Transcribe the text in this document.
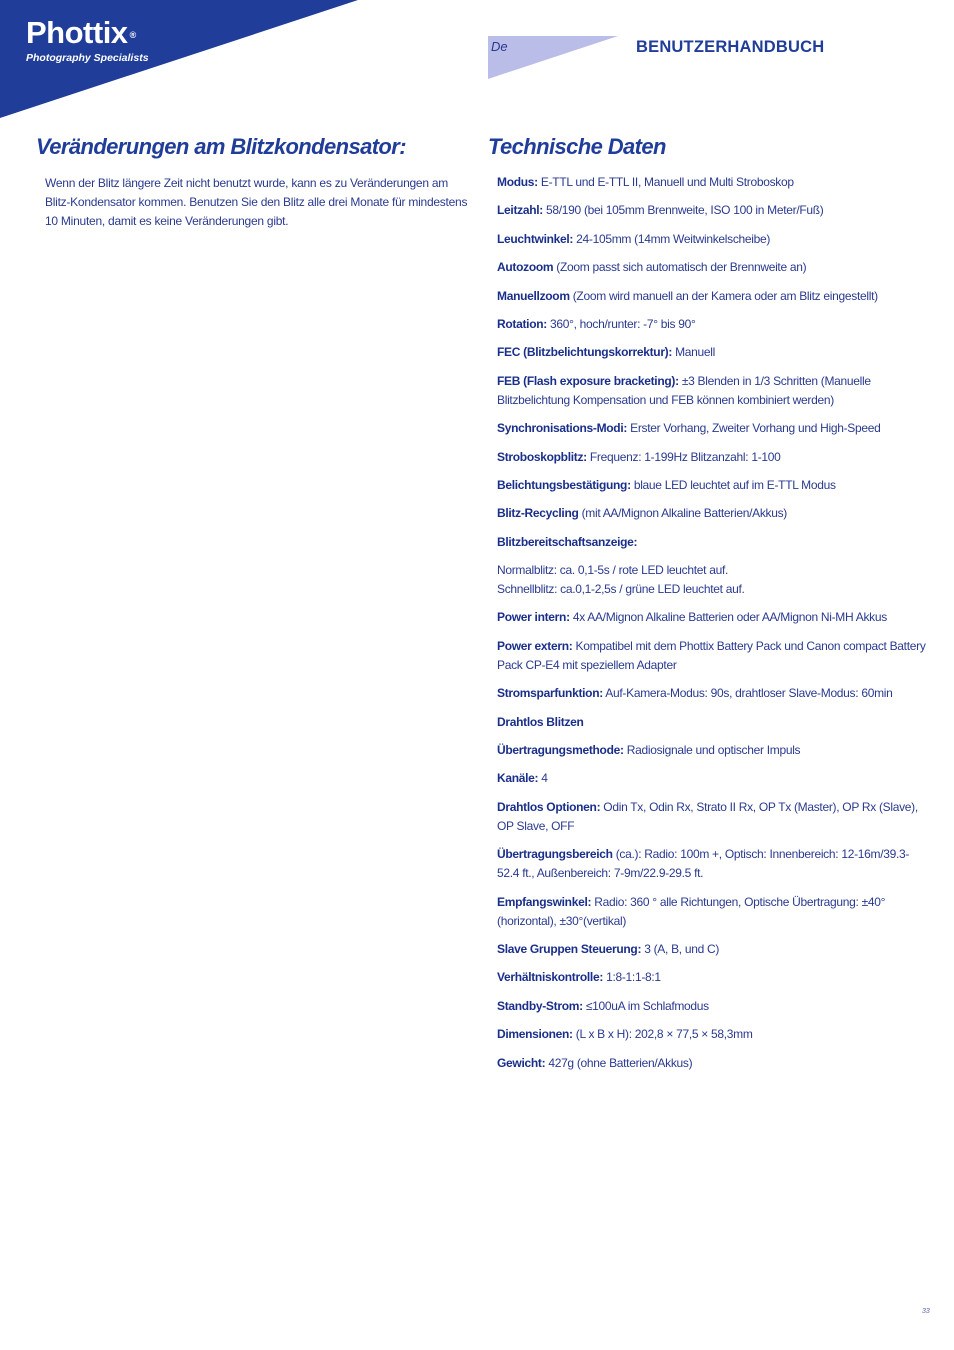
Phottix ®
Photography Specialists
De	BENUTZERHANDBUCH
Veränderungen am Blitzkondensator:
Wenn der Blitz längere Zeit nicht benutzt wurde, kann es zu Veränderungen am Blitz-Kondensator kommen. Benutzen Sie den Blitz alle drei Monate für mindestens 10 Minuten, damit es keine Veränderungen gibt.
Technische Daten

Modus: E-TTL und E-TTL II, Manuell und Multi Stroboskop

Leitzahl: 58/190 (bei 105mm Brennweite, ISO 100 in Meter/Fuß)

Leuchtwinkel: 24-105mm (14mm Weitwinkelscheibe)

Autozoom (Zoom passt sich automatisch der Brennweite an)

Manuellzoom (Zoom wird manuell an der Kamera oder am Blitz eingestellt)

Rotation: 360°, hoch/runter: -7° bis 90°

FEC (Blitzbelichtungskorrektur): Manuell

FEB (Flash exposure bracketing): ±3 Blenden in 1/3 Schritten (Manuelle Blitzbelichtung Kompensation und FEB können kombiniert werden)

Synchronisations-Modi: Erster Vorhang, Zweiter Vorhang und High-Speed

Stroboskopblitz: Frequenz: 1-199Hz Blitzanzahl: 1-100

Belichtungsbestätigung: blaue LED leuchtet auf im E-TTL Modus

Blitz-Recycling (mit AA/Mignon Alkaline Batterien/Akkus)

Blitzbereitschaftsanzeige:

Normalblitz: ca. 0,1-5s / rote LED leuchtet auf.
Schnellblitz: ca.0,1-2,5s / grüne LED leuchtet auf.

Power intern: 4x AA/Mignon Alkaline Batterien oder AA/Mignon Ni-MH Akkus

Power extern: Kompatibel mit dem Phottix Battery Pack und Canon compact Battery Pack CP-E4 mit speziellem Adapter

Stromsparfunktion: Auf-Kamera-Modus: 90s, drahtloser Slave-Modus: 60min

Drahtlos Blitzen

Übertragungsmethode: Radiosignale und optischer Impuls

Kanäle: 4

Drahtlos Optionen: Odin Tx, Odin Rx, Strato II Rx, OP Tx (Master), OP Rx (Slave), OP Slave, OFF

Übertragungsbereich (ca.): Radio: 100m +, Optisch: Innenbereich: 12-16m/39.3-52.4 ft., Außenbereich: 7-9m/22.9-29.5 ft.

Empfangswinkel: Radio: 360 ° alle Richtungen, Optische Übertragung: ±40°(horizontal), ±30°(vertikal)

Slave Gruppen Steuerung: 3 (A, B, und C)

Verhältniskontrolle: 1:8-1:1-8:1

Standby-Strom: ≤100uA im Schlafmodus

Dimensionen: (L x B x H): 202,8 × 77,5 × 58,3mm

Gewicht: 427g (ohne Batterien/Akkus)

33
